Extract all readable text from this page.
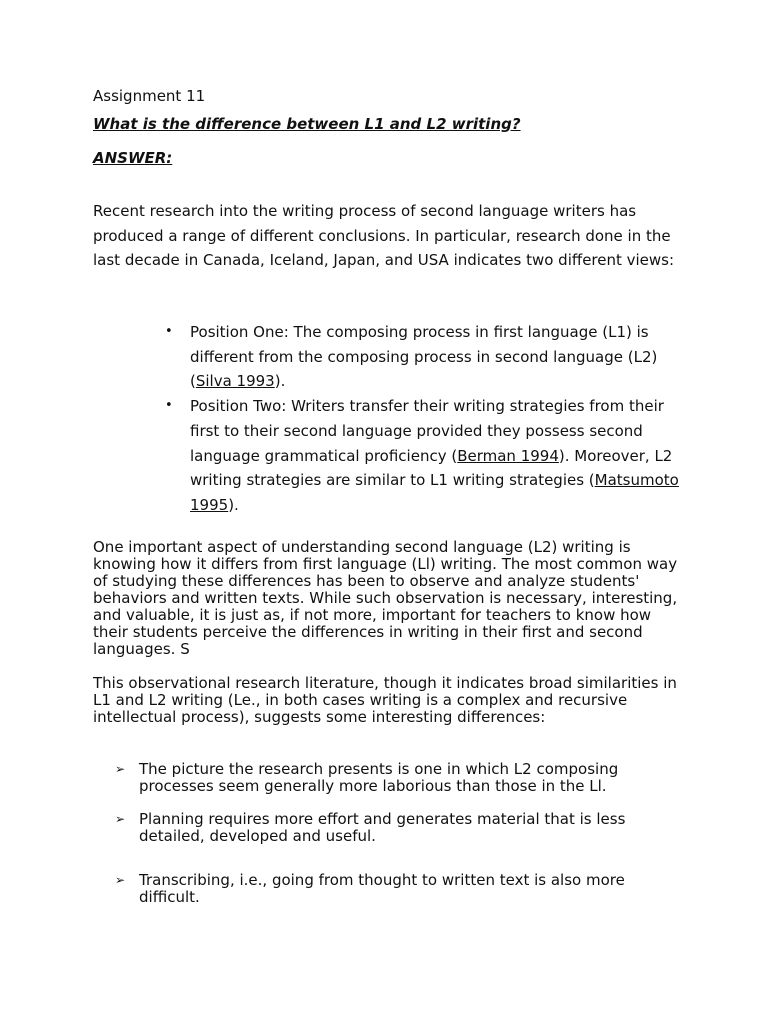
Assignment 11
What is the difference between L1 and L2 writing?
ANSWER:

Recent research into the writing process of second language writers has produced a range of different conclusions. In particular, research done in the last decade in Canada, Iceland, Japan, and USA indicates two different views:

• Position One: The composing process in first language (L1) is different from the composing process in second language (L2) (Silva 1993).
• Position Two: Writers transfer their writing strategies from their first to their second language provided they possess second language grammatical proficiency (Berman 1994). Moreover, L2 writing strategies are similar to L1 writing strategies (Matsumoto 1995).

One important aspect of understanding second language (L2) writing is knowing how it differs from first language (Ll) writing. The most common way of studying these differences has been to observe and analyze students' behaviors and written texts. While such observation is necessary, interesting, and valuable, it is just as, if not more, important for teachers to know how their students perceive the differences in writing in their first and second languages. S

This observational research literature, though it indicates broad similarities in L1 and L2 writing (Le., in both cases writing is a complex and recursive intellectual process), suggests some interesting differences:

➢ The picture the research presents is one in which L2 composing processes seem generally more laborious than those in the Ll.
➢ Planning requires more effort and generates material that is less detailed, developed and useful.
➢ Transcribing, i.e., going from thought to written text is also more difficult.
